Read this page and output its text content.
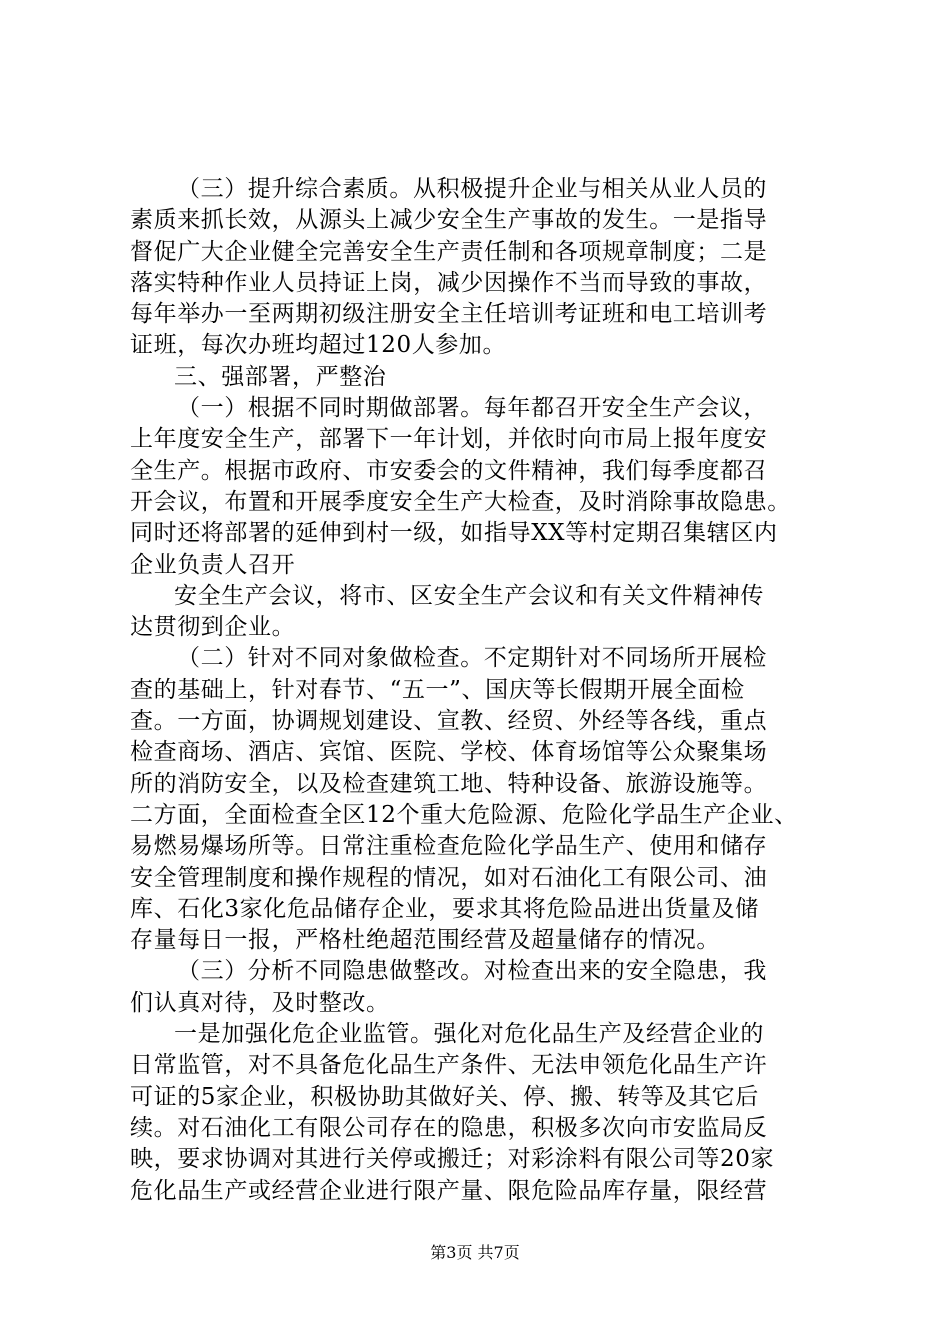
（三）提升综合素质。从积极提升企业与相关从业人员的
素质来抓长效，从源头上减少安全生产事故的发生。一是指导
督促广大企业健全完善安全生产责任制和各项规章制度；二是
落实特种作业人员持证上岗，减少因操作不当而导致的事故，
每年举办一至两期初级注册安全主任培训考证班和电工培训考
证班，每次办班均超过120人参加。
三、强部署，严整治
（一）根据不同时期做部署。每年都召开安全生产会议，
上年度安全生产，部署下一年计划，并依时向市局上报年度安
全生产。根据市政府、市安委会的文件精神，我们每季度都召
开会议，布置和开展季度安全生产大检查，及时消除事故隐患。
同时还将部署的延伸到村一级，如指导XX等村定期召集辖区内
企业负责人召开
安全生产会议，将市、区安全生产会议和有关文件精神传
达贯彻到企业。
（二）针对不同对象做检查。不定期针对不同场所开展检
查的基础上，针对春节、“五一”、国庆等长假期开展全面检
查。一方面，协调规划建设、宣教、经贸、外经等各线，重点
检查商场、酒店、宾馆、医院、学校、体育场馆等公众聚集场
所的消防安全，以及检查建筑工地、特种设备、旅游设施等。
二方面，全面检查全区12个重大危险源、危险化学品生产企业、
易燃易爆场所等。日常注重检查危险化学品生产、使用和储存
安全管理制度和操作规程的情况，如对石油化工有限公司、油
库、石化3家化危品储存企业，要求其将危险品进出货量及储
存量每日一报，严格杜绝超范围经营及超量储存的情况。
（三）分析不同隐患做整改。对检查出来的安全隐患，我
们认真对待，及时整改。
一是加强化危企业监管。强化对危化品生产及经营企业的
日常监管，对不具备危化品生产条件、无法申领危化品生产许
可证的5家企业，积极协助其做好关、停、搬、转等及其它后
续。对石油化工有限公司存在的隐患，积极多次向市安监局反
映，要求协调对其进行关停或搬迁；对彩涂料有限公司等20家
危化品生产或经营企业进行限产量、限危险品库存量，限经营
第3页 共7页
